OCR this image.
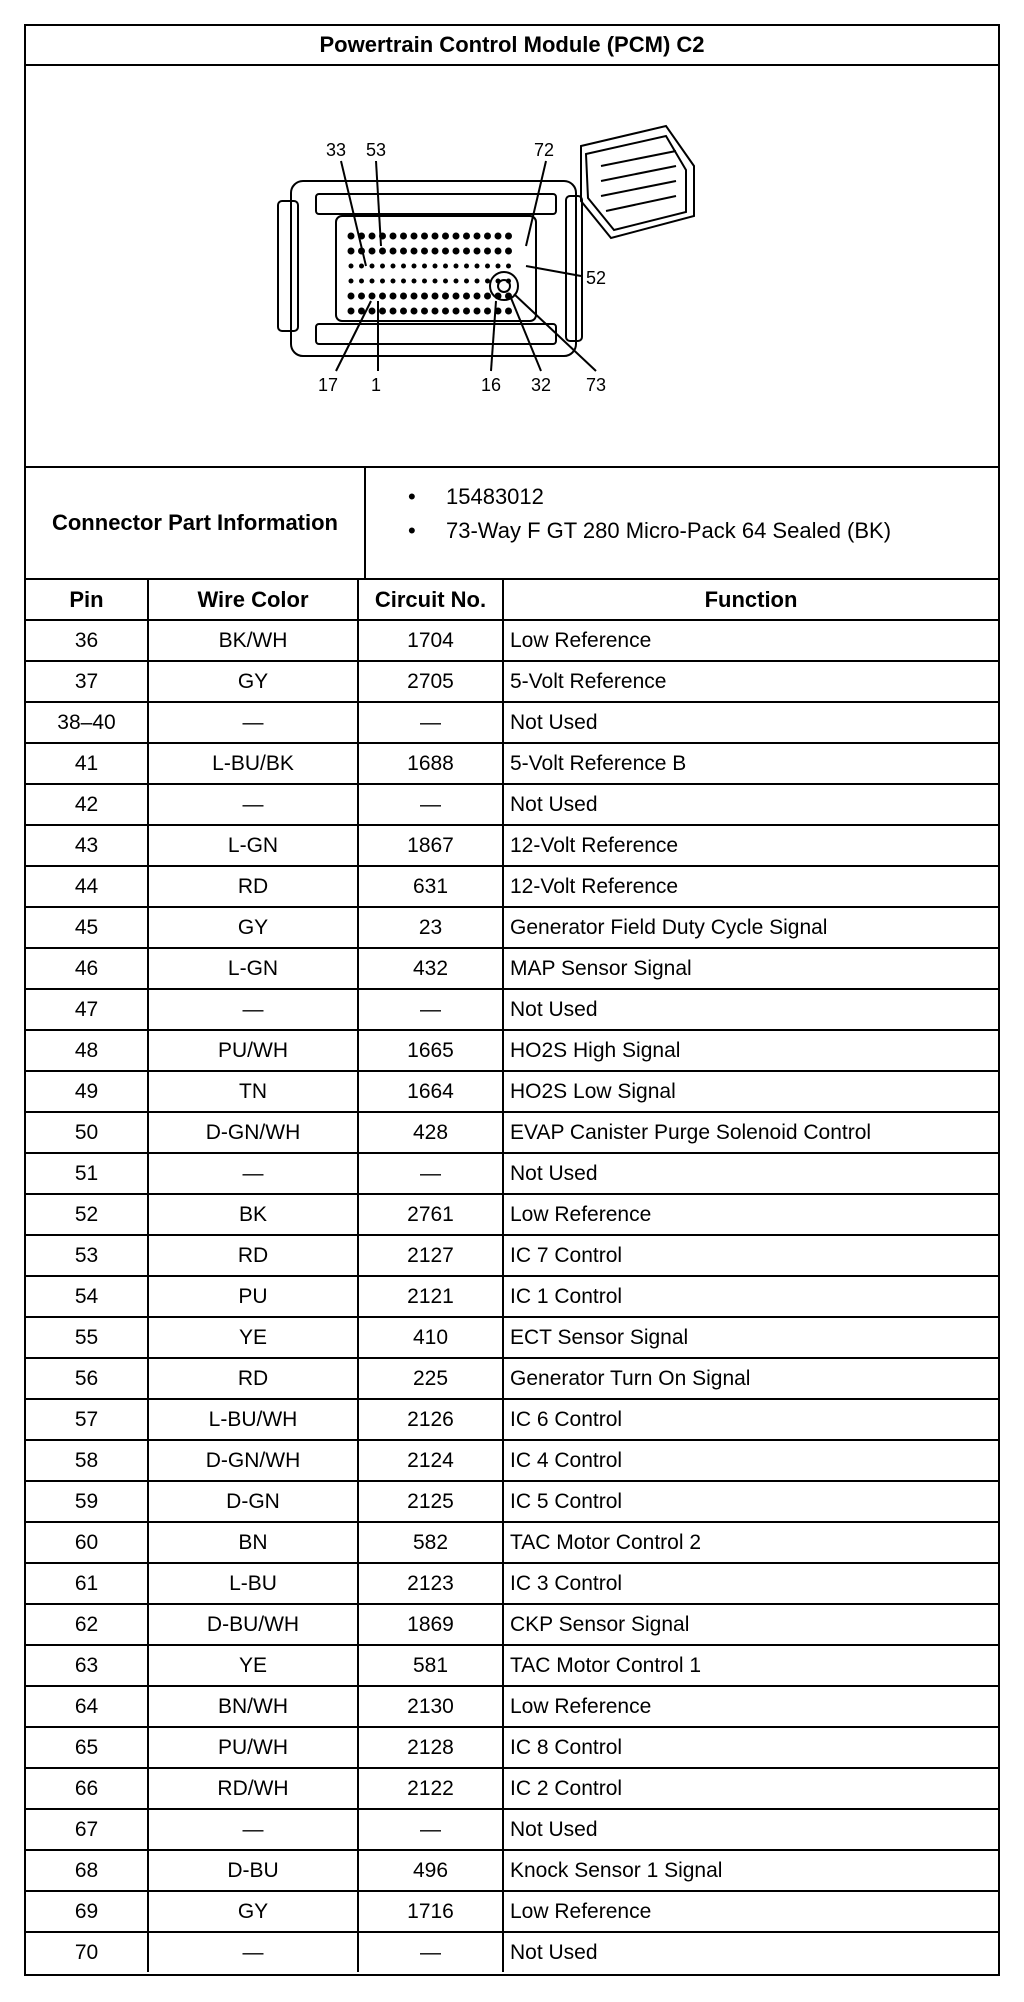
Powertrain Control Module (PCM) C2
33 53	72
52
17 1	16 32 73
Connector Part Information
• 15483012
• 73-Way F GT 280 Micro-Pack 64 Sealed (BK)
Pin	Wire Color	Circuit No.	Function
36	BK/WH	1704	Low Reference
37	GY	2705	5-Volt Reference
38–40	—	—	Not Used
41	L-BU/BK	1688	5-Volt Reference B
42	—	—	Not Used
43	L-GN	1867	12-Volt Reference
44	RD	631	12-Volt Reference
45	GY	23	Generator Field Duty Cycle Signal
46	L-GN	432	MAP Sensor Signal
47	—	—	Not Used
48	PU/WH	1665	HO2S High Signal
49	TN	1664	HO2S Low Signal
50	D-GN/WH	428	EVAP Canister Purge Solenoid Control
51	—	—	Not Used
52	BK	2761	Low Reference
53	RD	2127	IC 7 Control
54	PU	2121	IC 1 Control
55	YE	410	ECT Sensor Signal
56	RD	225	Generator Turn On Signal
57	L-BU/WH	2126	IC 6 Control
58	D-GN/WH	2124	IC 4 Control
59	D-GN	2125	IC 5 Control
60	BN	582	TAC Motor Control 2
61	L-BU	2123	IC 3 Control
62	D-BU/WH	1869	CKP Sensor Signal
63	YE	581	TAC Motor Control 1
64	BN/WH	2130	Low Reference
65	PU/WH	2128	IC 8 Control
66	RD/WH	2122	IC 2 Control
67	—	—	Not Used
68	D-BU	496	Knock Sensor 1 Signal
69	GY	1716	Low Reference
70	—	—	Not Used
